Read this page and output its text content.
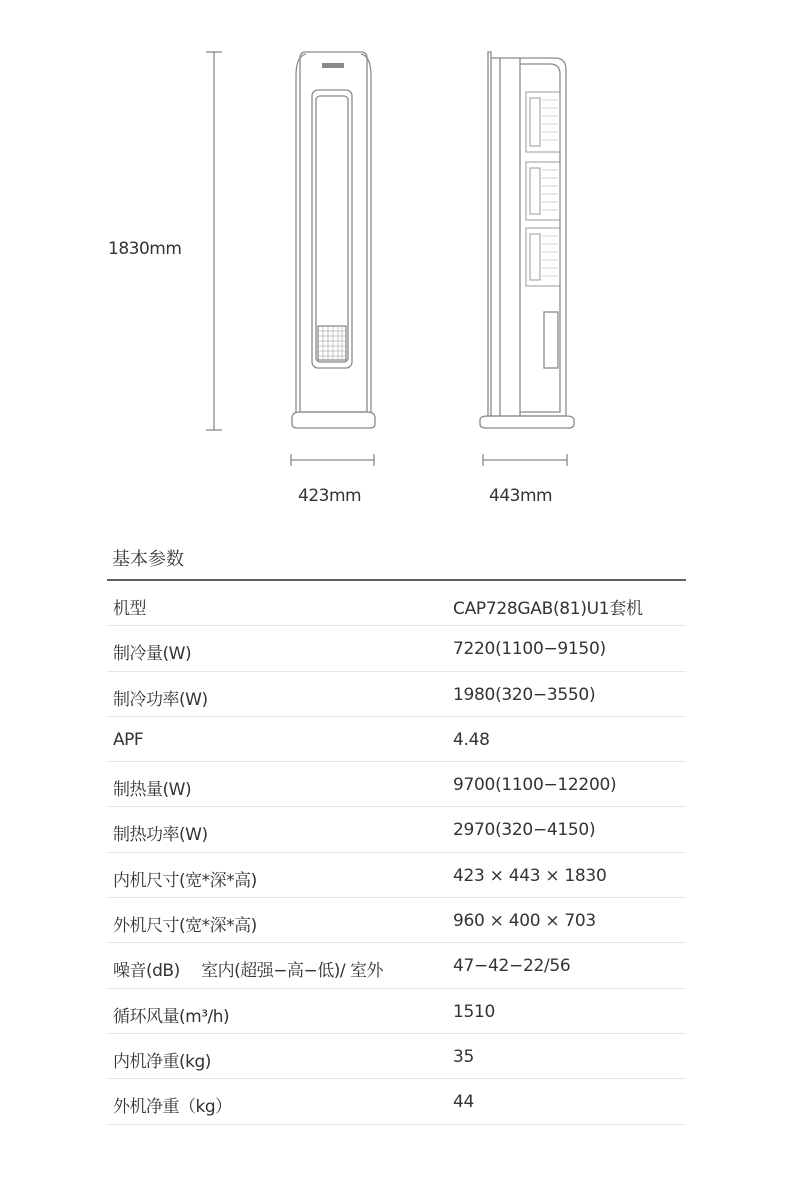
1830mm
423mm	443mm
基本参数
机型	CAP728GAB(81)U1套机
制冷量(W)	7220(1100−9150)
制冷功率(W)	1980(320−3550)
APF	4.48
制热量(W)	9700(1100−12200)
制热功率(W)	2970(320−4150)
内机尺寸(宽*深*高)	423 × 443 × 1830
外机尺寸(宽*深*高)	960 × 400 × 703
噪音(dB)　 室内(超强−高−低)/ 室外	47−42−22/56
循环风量(m³/h)	1510
内机净重(kg)	35
外机净重（kg）	44
